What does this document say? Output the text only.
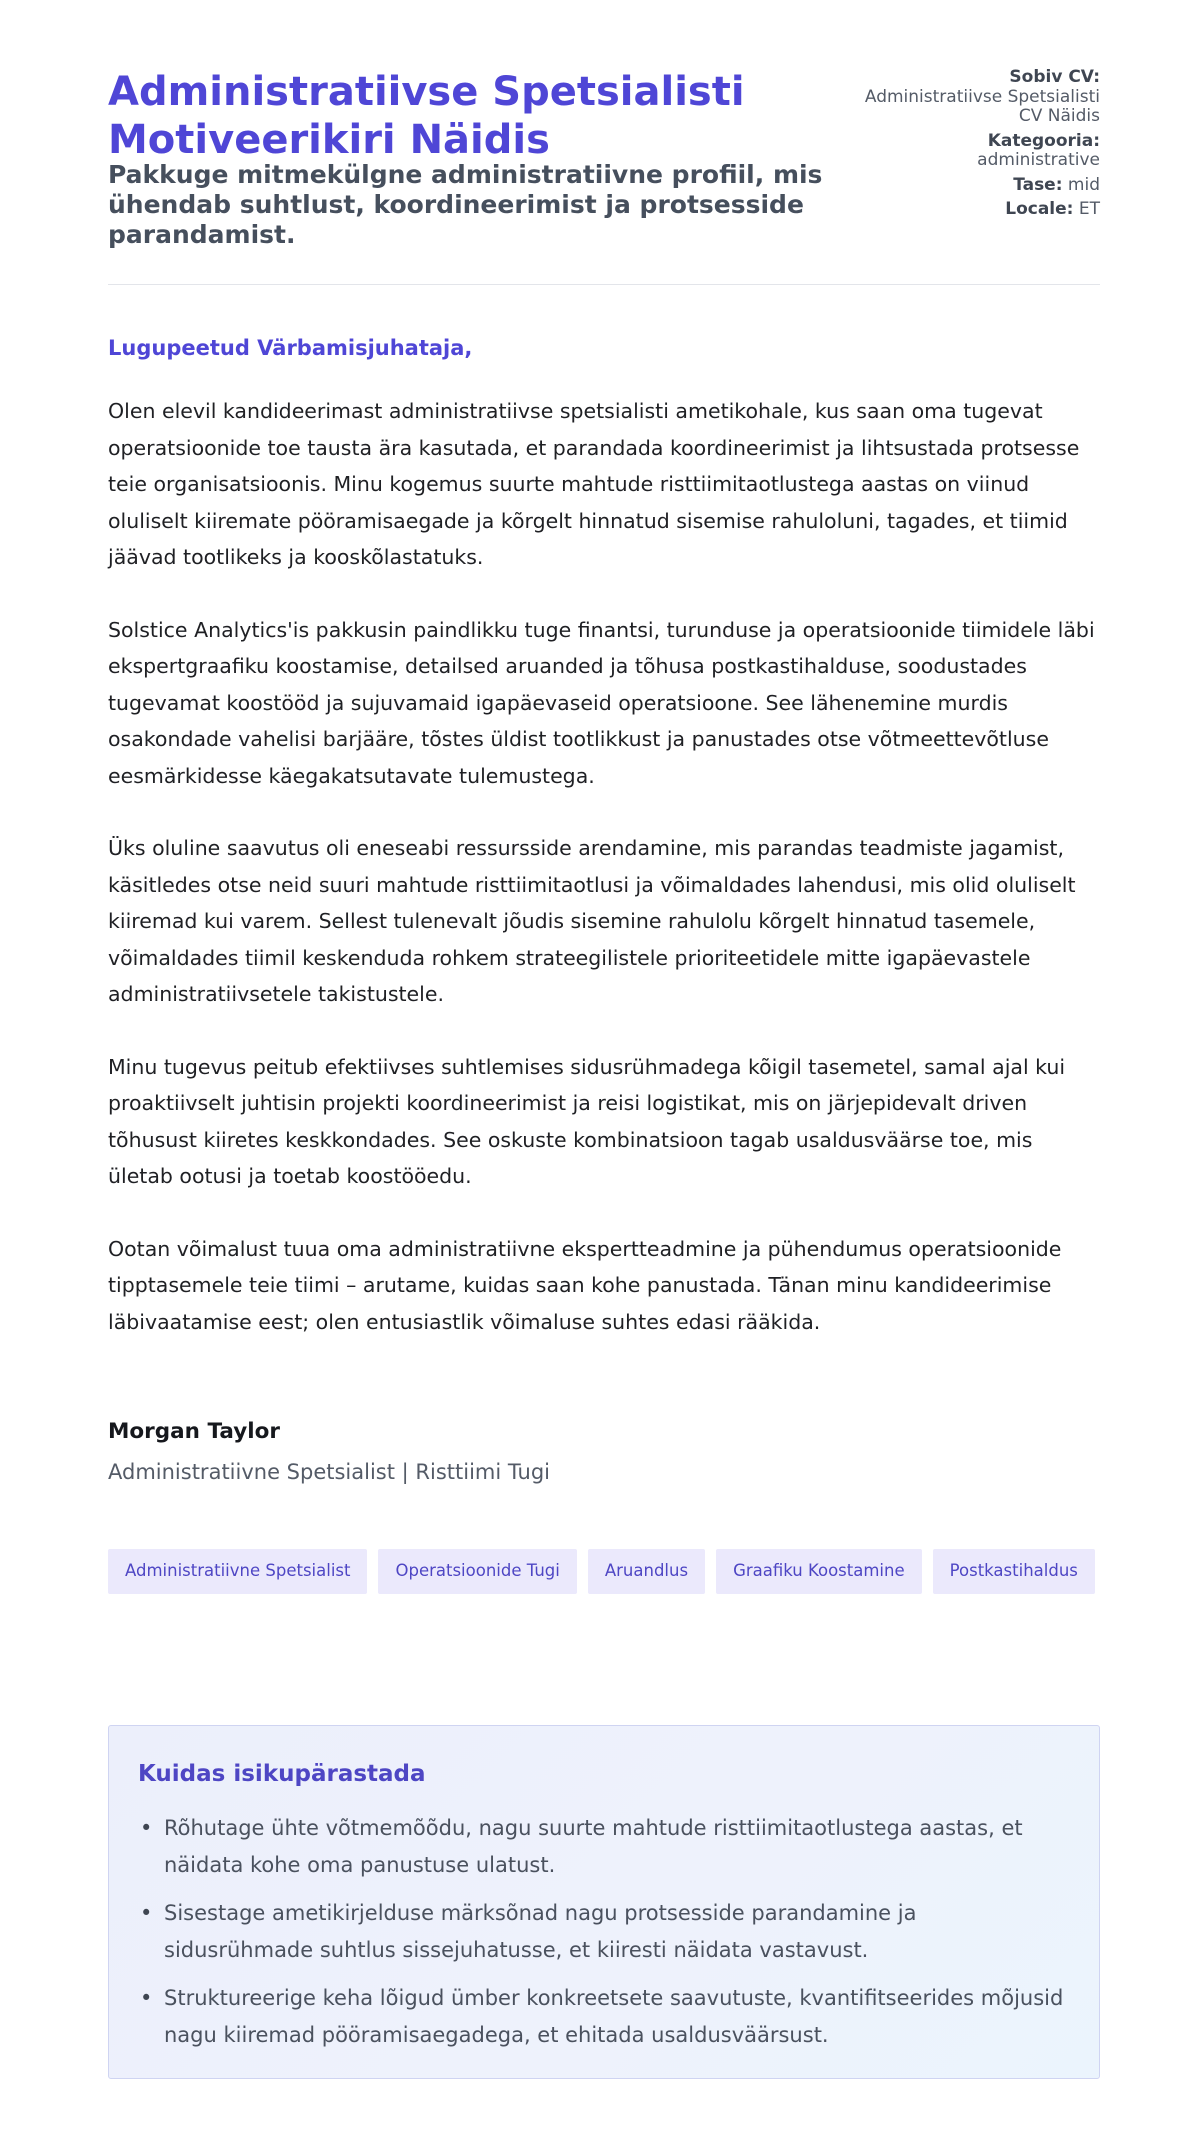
Administratiivse Spetsialisti Motiveerikiri Näidis
Pakkuge mitmekülgne administratiivne profiil, mis ühendab suhtlust, koordineerimist ja protsesside parandamist.
Sobiv CV:
Administratiivse Spetsialisti CV Näidis
Kategooria:
administrative
Tase: mid
Locale: ET

Lugupeetud Värbamisjuhataja,

Olen elevil kandideerimast administratiivse spetsialisti ametikohale, kus saan oma tugevat operatsioonide toe tausta ära kasutada, et parandada koordineerimist ja lihtsustada protsesse teie organisatsioonis. Minu kogemus suurte mahtude risttiimitaotlustega aastas on viinud oluliselt kiiremate pööramisaegade ja kõrgelt hinnatud sisemise rahuloluni, tagades, et tiimid jäävad tootlikeks ja kooskõlastatuks.

Solstice Analytics'is pakkusin paindlikku tuge finantsi, turunduse ja operatsioonide tiimidele läbi ekspertgraafiku koostamise, detailsed aruanded ja tõhusa postkastihalduse, soodustades tugevamat koostööd ja sujuvamaid igapäevaseid operatsioone. See lähenemine murdis osakondade vahelisi barjääre, tõstes üldist tootlikkust ja panustades otse võtmeettevõtluse eesmärkidesse käegakatsutavate tulemustega.

Üks oluline saavutus oli eneseabi ressursside arendamine, mis parandas teadmiste jagamist, käsitledes otse neid suuri mahtude risttiimitaotlusi ja võimaldades lahendusi, mis olid oluliselt kiiremad kui varem. Sellest tulenevalt jõudis sisemine rahulolu kõrgelt hinnatud tasemele, võimaldades tiimil keskenduda rohkem strateegilistele prioriteetidele mitte igapäevastele administratiivsetele takistustele.

Minu tugevus peitub efektiivses suhtlemises sidusrühmadega kõigil tasemetel, samal ajal kui proaktiivselt juhtisin projekti koordineerimist ja reisi logistikat, mis on järjepidevalt driven tõhusust kiiretes keskkondades. See oskuste kombinatsioon tagab usaldusväärse toe, mis ületab ootusi ja toetab koostööedu.

Ootan võimalust tuua oma administratiivne ekspertteadmine ja pühendumus operatsioonide tipptasemele teie tiimi – arutame, kuidas saan kohe panustada. Tänan minu kandideerimise läbivaatamise eest; olen entusiastlik võimaluse suhtes edasi rääkida.

Morgan Taylor
Administratiivne Spetsialist | Risttiimi Tugi
Administratiivne Spetsialist	Operatsioonide Tugi	Aruandlus	Graafiku Koostamine	Postkastihaldus
Kuidas isikupärastada
• Rõhutage ühte võtmemõõdu, nagu suurte mahtude risttiimitaotlustega aastas, et näidata kohe oma panustuse ulatust.
• Sisestage ametikirjelduse märksõnad nagu protsesside parandamine ja sidusrühmade suhtlus sissejuhatusse, et kiiresti näidata vastavust.
• Struktureerige keha lõigud ümber konkreetsete saavutuste, kvantifitseerides mõjusid nagu kiiremad pööramisaegadega, et ehitada usaldusväärsust.
